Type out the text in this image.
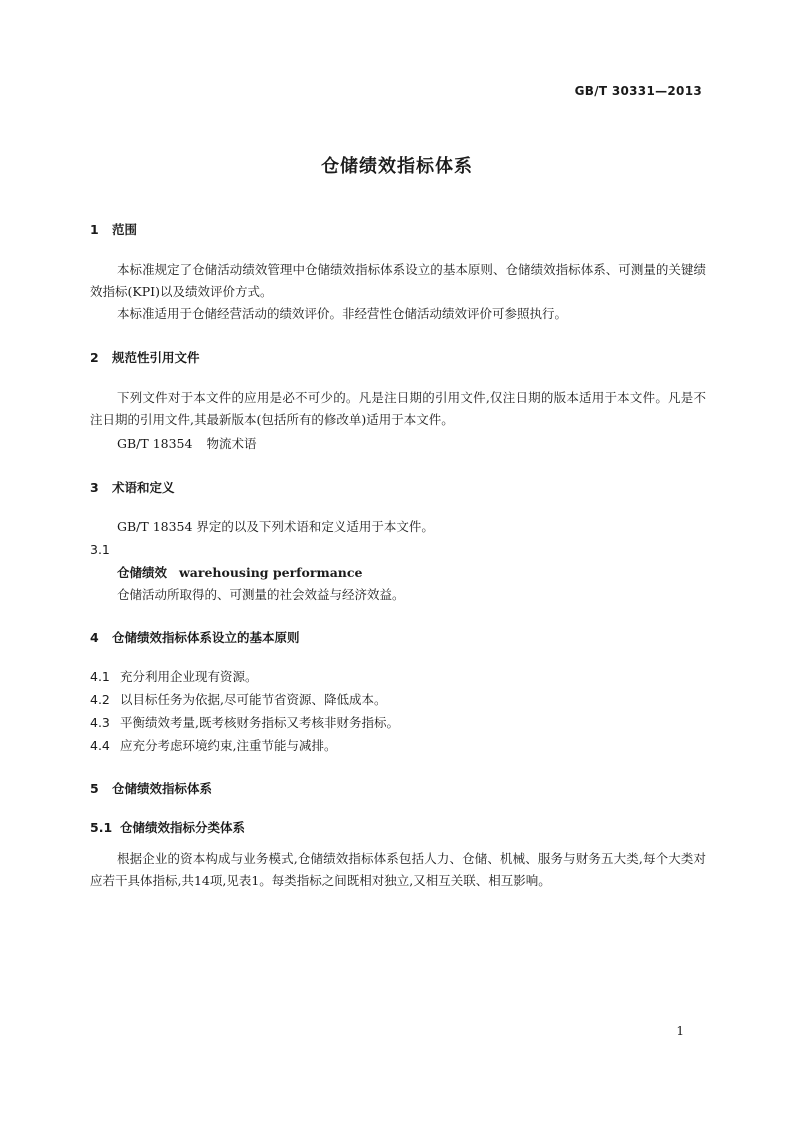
GB/T 30331—2013
仓储绩效指标体系
1 范围

本标准规定了仓储活动绩效管理中仓储绩效指标体系设立的基本原则、仓储绩效指标体系、可测量的关键绩效指标(KPI)以及绩效评价方式。

本标准适用于仓储经营活动的绩效评价。非经营性仓储活动绩效评价可参照执行。

2 规范性引用文件

下列文件对于本文件的应用是必不可少的。凡是注日期的引用文件,仅注日期的版本适用于本文件。凡是不注日期的引用文件,其最新版本(包括所有的修改单)适用于本文件。

GB/T 18354 物流术语
3 术语和定义
GB/T 18354 界定的以及下列术语和定义适用于本文件。
3.1
仓储绩效 warehousing performance
仓储活动所取得的、可测量的社会效益与经济效益。
4 仓储绩效指标体系设立的基本原则
4.1 充分利用企业现有资源。
4.2 以目标任务为依据,尽可能节省资源、降低成本。
4.3 平衡绩效考量,既考核财务指标又考核非财务指标。
4.4 应充分考虑环境约束,注重节能与减排。
5 仓储绩效指标体系
5.1 仓储绩效指标分类体系

根据企业的资本构成与业务模式,仓储绩效指标体系包括人力、仓储、机械、服务与财务五大类,每个大类对应若干具体指标,共14项,见表1。每类指标之间既相对独立,又相互关联、相互影响。

1
